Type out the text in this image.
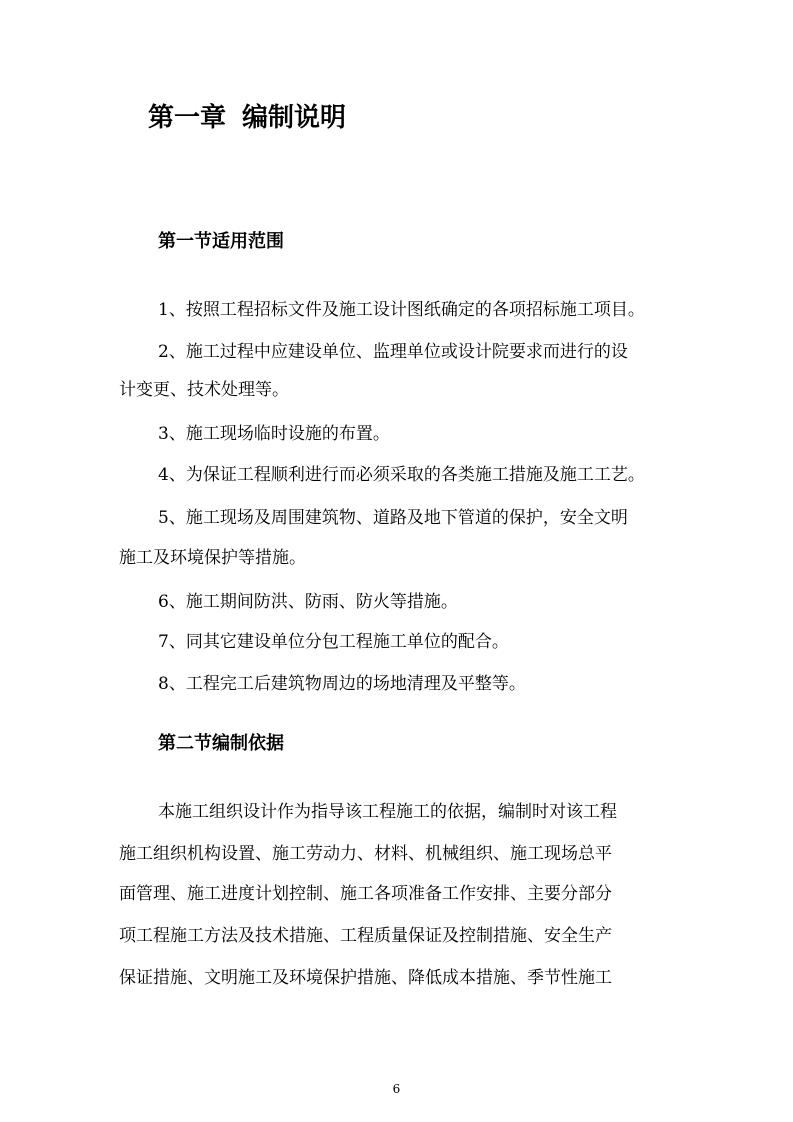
第一章 编制说明
第一节适用范围

1、按照工程招标文件及施工设计图纸确定的各项招标施工项目。

2、施工过程中应建设单位、监理单位或设计院要求而进行的设

计变更、技术处理等。

3、施工现场临时设施的布置。

4、为保证工程顺利进行而必须采取的各类施工措施及施工工艺。

5、施工现场及周围建筑物、道路及地下管道的保护，安全文明

施工及环境保护等措施。

6、施工期间防洪、防雨、防火等措施。

7、同其它建设单位分包工程施工单位的配合。

8、工程完工后建筑物周边的场地清理及平整等。

第二节编制依据

本施工组织设计作为指导该工程施工的依据，编制时对该工程

施工组织机构设置、施工劳动力、材料、机械组织、施工现场总平

面管理、施工进度计划控制、施工各项准备工作安排、主要分部分

项工程施工方法及技术措施、工程质量保证及控制措施、安全生产

保证措施、文明施工及环境保护措施、降低成本措施、季节性施工

6
